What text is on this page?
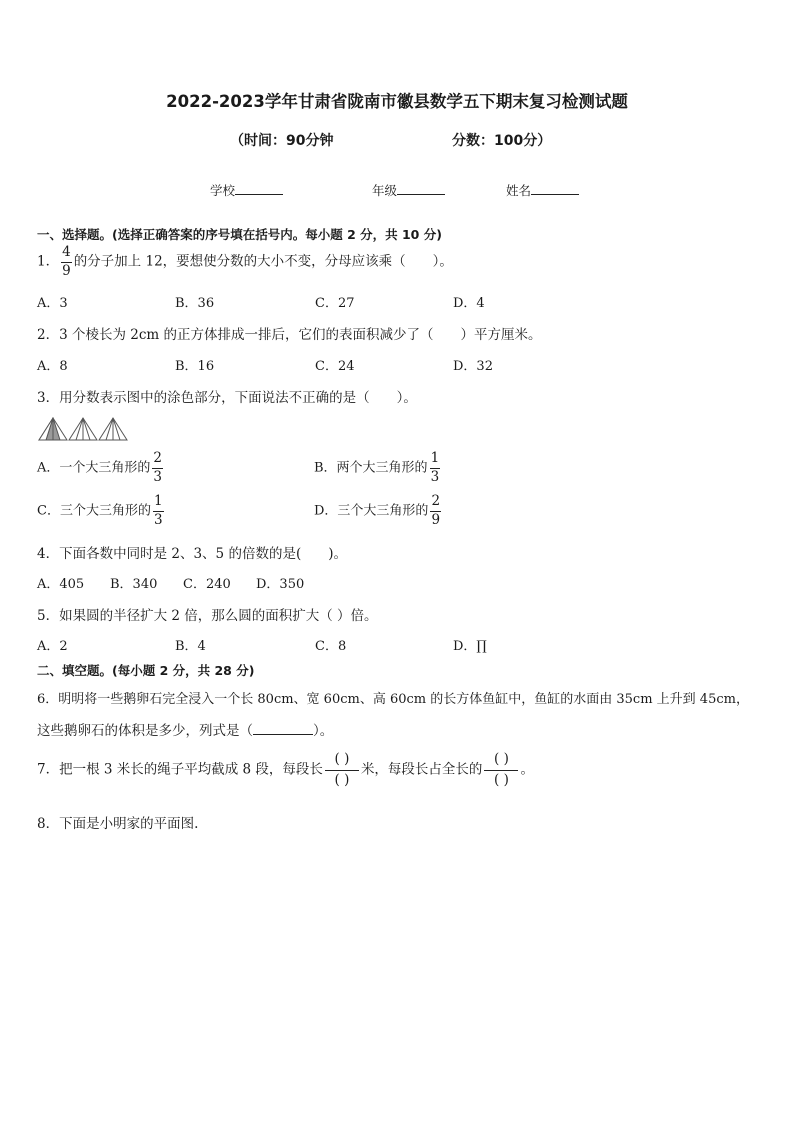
2022-2023学年甘肃省陇南市徽县数学五下期末复习检测试题
（时间：90分钟	分数：100分）
学校	年级	姓名
一、选择题。(选择正确答案的序号填在括号内。每小题 2 分，共 10 分)
1． $\frac{4}{9}$ 的分子加上 12，要想使分数的大小不变，分母应该乘（　　）。
A．3	B．36	C．27	D．4
2．3 个棱长为 2cm 的正方体排成一排后，它们的表面积减少了（　　）平方厘米。
A．8	B．16	C．24	D．32
3．用分数表示图中的涂色部分，下面说法不正确的是（　　）。
A．一个大三角形的 $\frac{2}{3}$	B．两个大三角形的 $\frac{1}{3}$
C．三个大三角形的 $\frac{1}{3}$	D．三个大三角形的 $\frac{2}{9}$
4．下面各数中同时是 2、3、5 的倍数的是(　　)。
A．405 B．340 C．240 D．350
5．如果圆的半径扩大 2 倍，那么圆的面积扩大（ ）倍。
A．2	B．4	C．8	D．∏
二、填空题。(每小题 2 分，共 28 分)
6．明明将一些鹅卵石完全浸入一个长 80cm、宽 60cm、高 60cm 的长方体鱼缸中，鱼缸的水面由 35cm 上升到 45cm，
这些鹅卵石的体积是多少，列式是（	）。
7．把一根 3 米长的绳子平均截成 8 段，每段长 $\frac{( )}{( )}$ 米，每段长占全长的 $\frac{( )}{( )}$ 。
8．下面是小明家的平面图.
